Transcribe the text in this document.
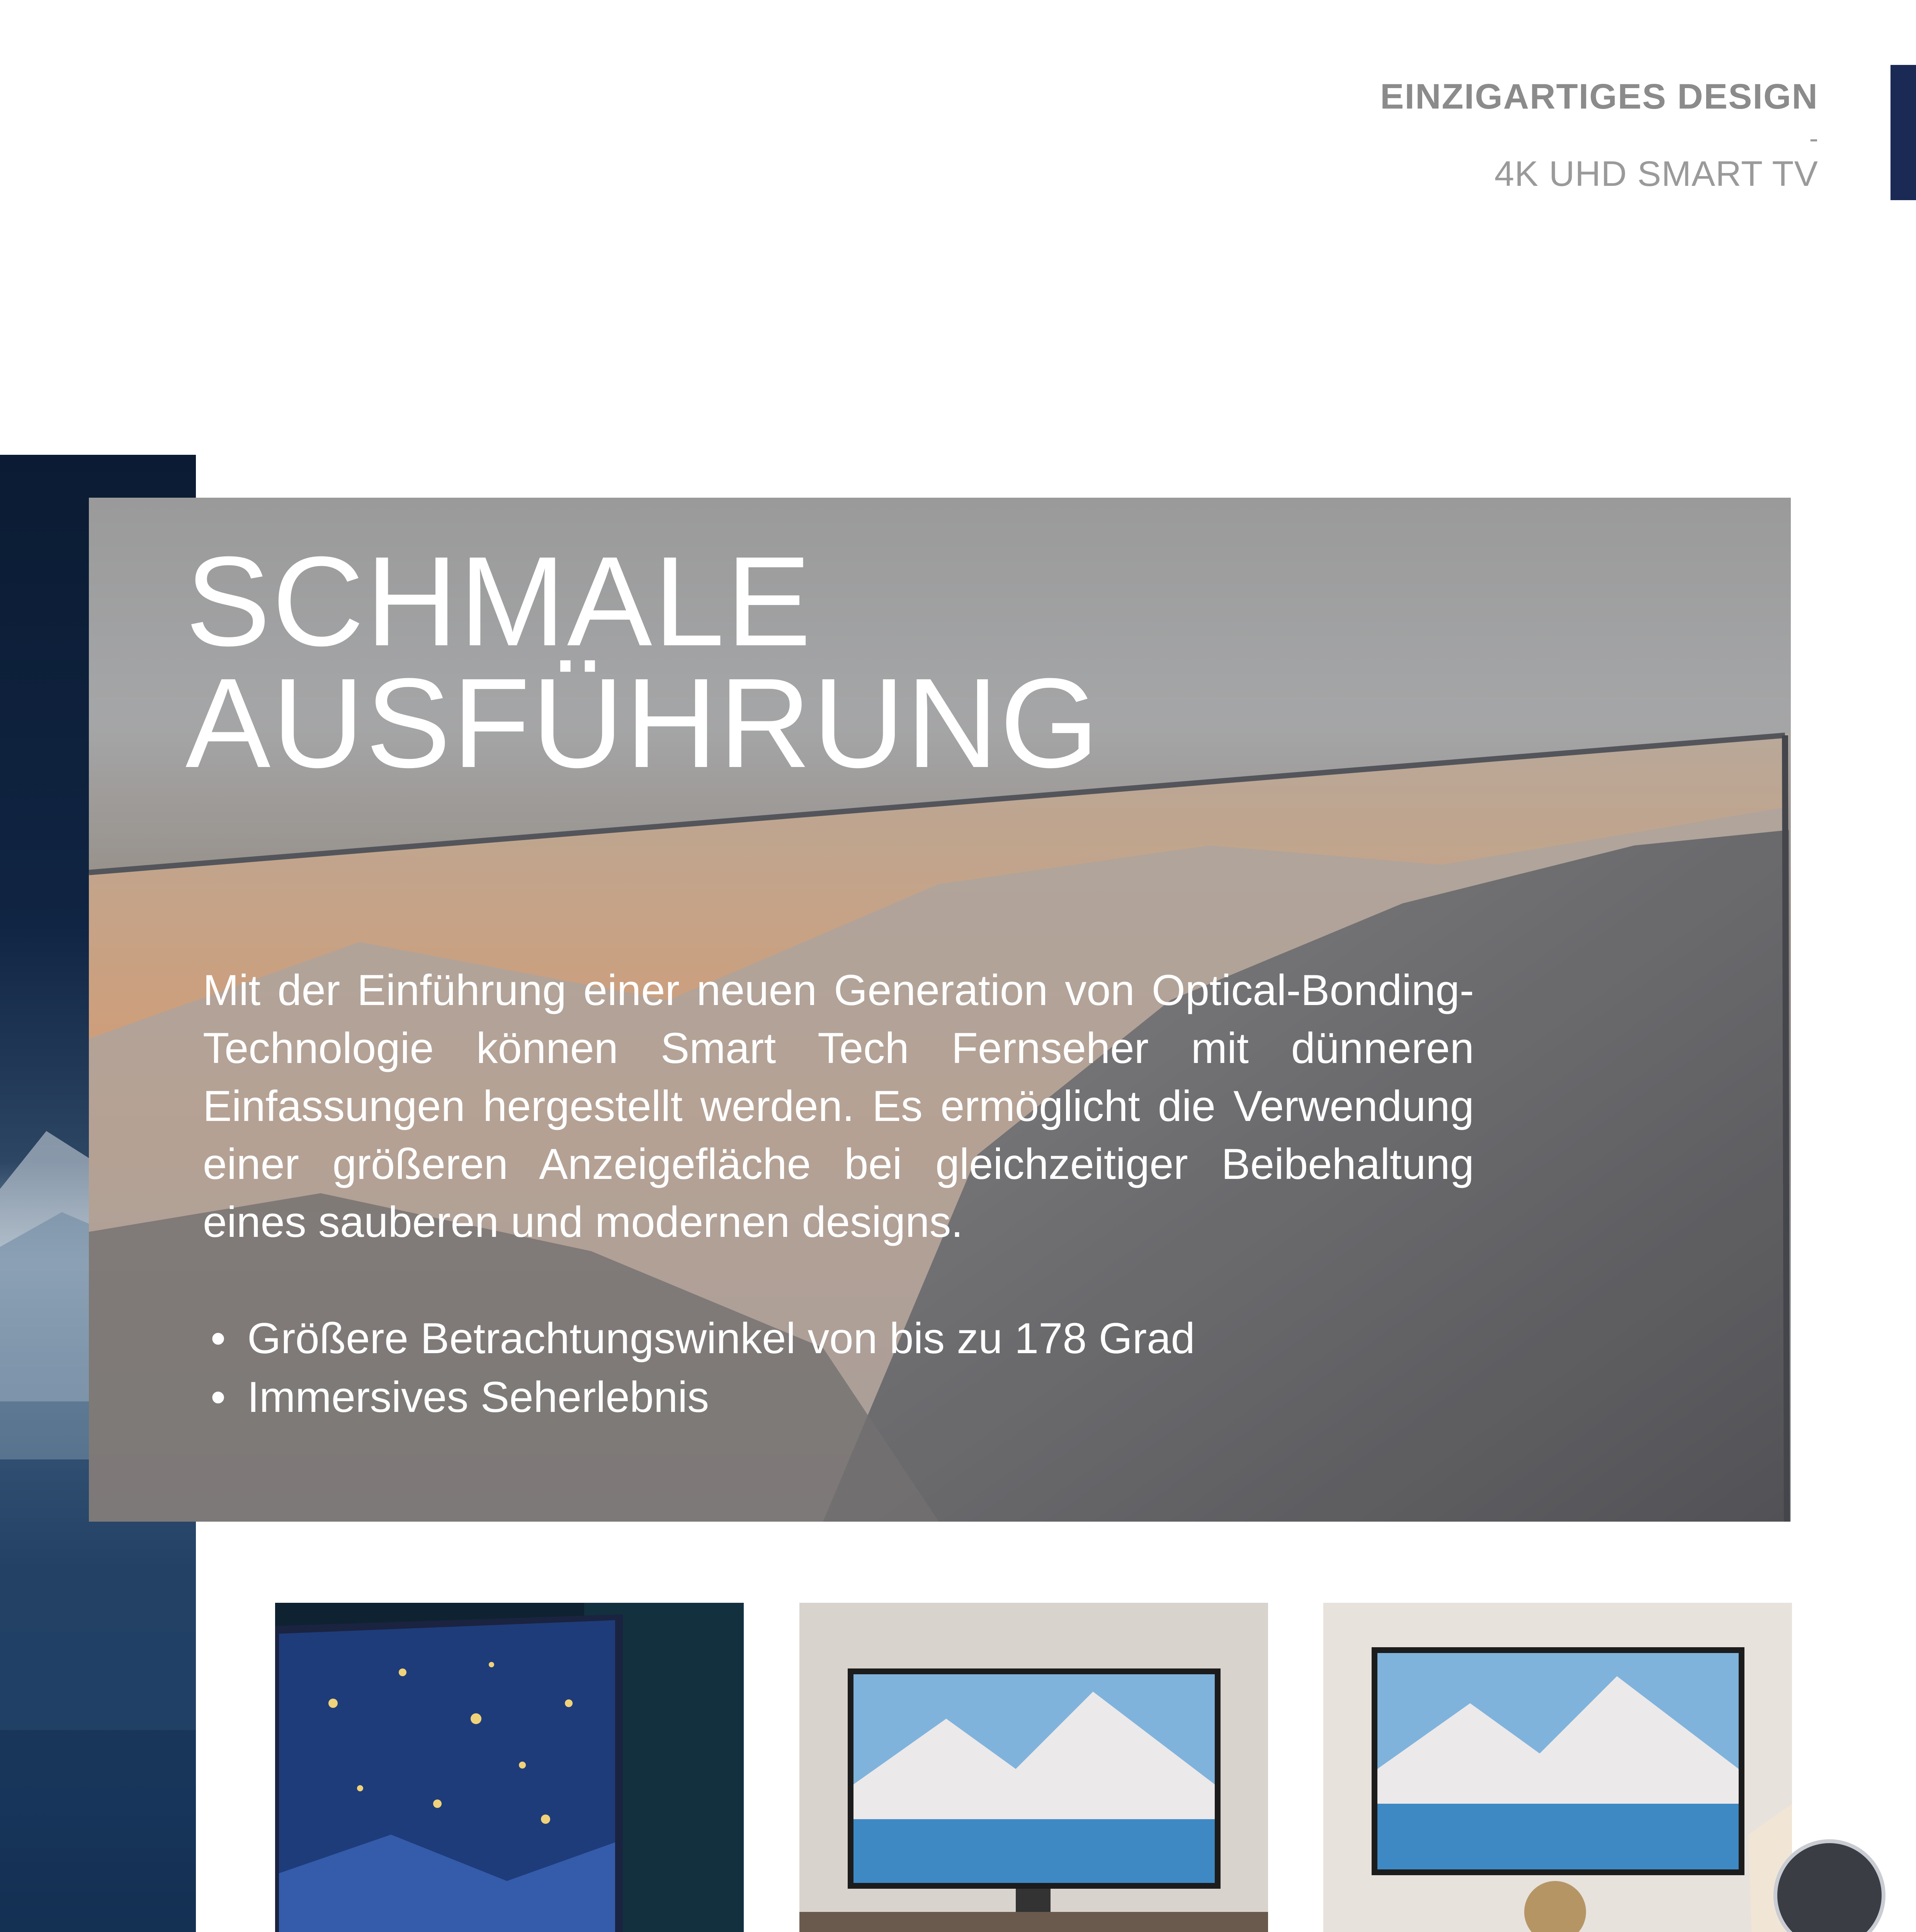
EINZIGARTIGES DESIGN
-
4K UHD SMART TV
SCHMALE
AUSFÜHRUNG

Mit der Einführung einer neuen Generation von Optical-Bonding-Technologie können Smart Tech Fernseher mit dünneren Einfassungen hergestellt werden. Es ermöglicht die Verwendung einer größeren Anzeigefläche bei gleichzeitiger Beibehaltung eines sauberen und modernen designs.

• Größere Betrachtungswinkel von bis zu 178 Grad
• Immersives Seherlebnis
